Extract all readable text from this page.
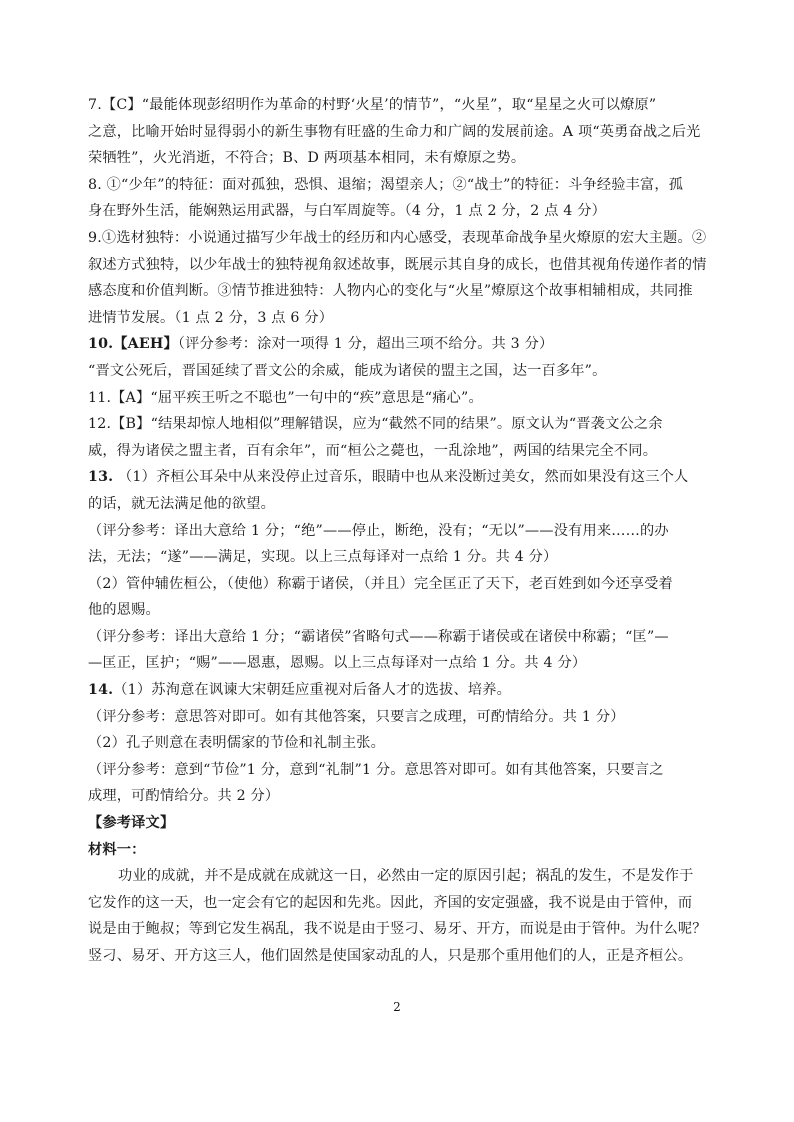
7.【C】“最能体现彭绍明作为革命的村野‘火星’的情节”，“火星”，取“星星之火可以燎原”
之意，比喻开始时显得弱小的新生事物有旺盛的生命力和广阔的发展前途。A 项“英勇奋战之后光
荣牺牲”，火光消逝，不符合；B、D 两项基本相同，未有燎原之势。
8. ①“少年”的特征：面对孤独，恐惧、退缩；渴望亲人；②“战士”的特征：斗争经验丰富，孤
身在野外生活，能娴熟运用武器，与白军周旋等。（4 分，1 点 2 分，2 点 4 分）
9.①选材独特：小说通过描写少年战士的经历和内心感受，表现革命战争星火燎原的宏大主题。②
叙述方式独特，以少年战士的独特视角叙述故事，既展示其自身的成长，也借其视角传递作者的情
感态度和价值判断。③情节推进独特：人物内心的变化与“火星”燎原这个故事相辅相成，共同推
进情节发展。（1 点 2 分，3 点 6 分）
10.【AEH】（评分参考：涂对一项得 1 分，超出三项不给分。共 3 分）
“晋文公死后，晋国延续了晋文公的余威，能成为诸侯的盟主之国，达一百多年”。
11.【A】“屈平疾王听之不聪也”一句中的“疾”意思是“痛心”。
12.【B】“结果却惊人地相似”理解错误，应为“截然不同的结果”。原文认为“晋袭文公之余
威，得为诸侯之盟主者，百有余年”，而“桓公之薨也，一乱涂地”，两国的结果完全不同。
13. （1）齐桓公耳朵中从来没停止过音乐，眼睛中也从来没断过美女，然而如果没有这三个人
的话，就无法满足他的欲望。
（评分参考：译出大意给 1 分；“绝”——停止，断绝，没有；“无以”——没有用来……的办
法，无法；“遂”——满足，实现。以上三点每译对一点给 1 分。共 4 分）
（2）管仲辅佐桓公，（使他）称霸于诸侯，（并且）完全匡正了天下，老百姓到如今还享受着
他的恩赐。
（评分参考：译出大意给 1 分；“霸诸侯”省略句式——称霸于诸侯或在诸侯中称霸；“匡”—
—匡正，匡护；“赐”——恩惠，恩赐。以上三点每译对一点给 1 分。共 4 分）
14.（1）苏洵意在讽谏大宋朝廷应重视对后备人才的选拔、培养。
（评分参考：意思答对即可。如有其他答案，只要言之成理，可酌情给分。共 1 分）
（2）孔子则意在表明儒家的节俭和礼制主张。
（评分参考：意到“节俭”1 分，意到“礼制”1 分。意思答对即可。如有其他答案，只要言之
成理，可酌情给分。共 2 分）
【参考译文】
材料一：
功业的成就，并不是成就在成就这一日，必然由一定的原因引起；祸乱的发生，不是发作于
它发作的这一天，也一定会有它的起因和先兆。因此，齐国的安定强盛，我不说是由于管仲，而
说是由于鲍叔；等到它发生祸乱，我不说是由于竖刁、易牙、开方，而说是由于管仲。为什么呢？
竖刁、易牙、开方这三人，他们固然是使国家动乱的人，只是那个重用他们的人，正是齐桓公。
2
